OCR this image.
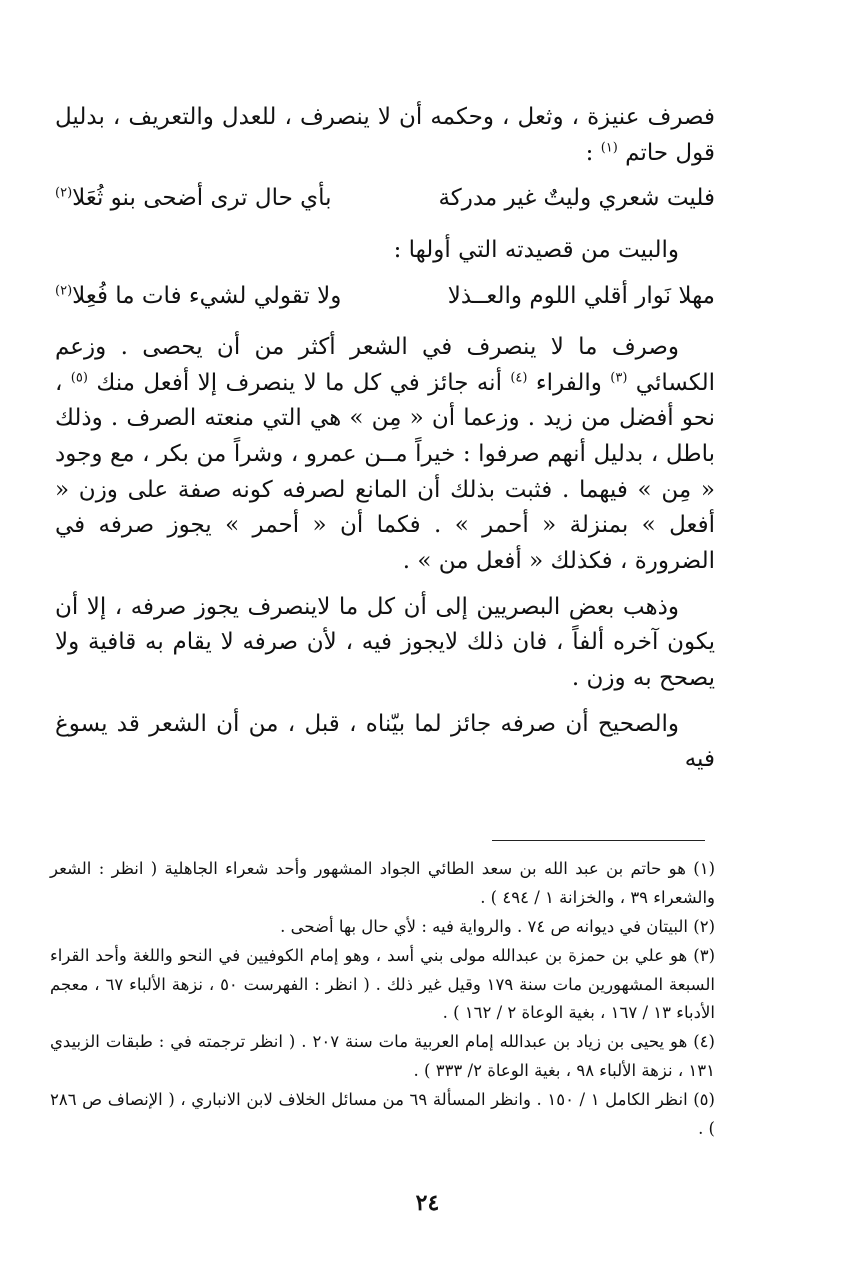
فصرف عنيزة ، وثعل ، وحكمه أن لا ينصرف ، للعدل والتعريف ، بدليل قول حاتم $^{(١)}$ :

فليت شعري وليتٌ غير مدركة
بأي حال ترى أضحى بنو ثُعَلا$^{(٢)}$

والبيت من قصيدته التي أولها :

مهلا نَوار أقلي اللوم والعــذلا
ولا تقولي لشيء فات ما فُعِلا$^{(٢)}$

وصرف ما لا ينصرف في الشعر أكثر من أن يحصى . وزعم الكسائي $^{(٣)}$ والفراء $^{(٤)}$ أنه جائز في كل ما لا ينصرف إلا أفعل منك $^{(٥)}$ ، نحو أفضل من زيد . وزعما أن « مِن » هي التي منعته الصرف . وذلك باطل ، بدليل أنهم صرفوا : خيراً مــن عمرو ، وشراً من بكر ، مع وجود « مِن » فيهما . فثبت بذلك أن المانع لصرفه كونه صفة على وزن « أفعل » بمنزلة « أحمر » . فكما أن « أحمر » يجوز صرفه في الضرورة ، فكذلك « أفعل من » .

وذهب بعض البصريين إلى أن كل ما لاينصرف يجوز صرفه ، إلا أن يكون آخره ألفاً ، فان ذلك لايجوز فيه ، لأن صرفه لا يقام به قافية ولا يصحح به وزن .

والصحيح أن صرفه جائز لما بيّناه ، قبل ، من أن الشعر قد يسوغ فيه

(١) هو حاتم بن عبد الله بن سعد الطائي الجواد المشهور وأحد شعراء الجاهلية ( انظر : الشعر والشعراء ٣٩ ، والخزانة ١ / ٤٩٤ ) .

(٢) البيتان في ديوانه ص ٧٤ . والرواية فيه : لأي حال بها أضحى .

(٣) هو علي بن حمزة بن عبدالله مولى بني أسد ، وهو إمام الكوفيين في النحو واللغة وأحد القراء السبعة المشهورين مات سنة ١٧٩ وقيل غير ذلك . ( انظر : الفهرست ٥٠ ، نزهة الألباء ٦٧ ، معجم الأدباء ١٣ / ١٦٧ ، بغية الوعاة ٢ / ١٦٢ ) .

(٤) هو يحيى بن زياد بن عبدالله إمام العربية مات سنة ٢٠٧ . ( انظر ترجمته في : طبقات الزبيدي ١٣١ ، نزهة الألباء ٩٨ ، بغية الوعاة ٢/ ٣٣٣ ) .

(٥) انظر الكامل ١ / ١٥٠ . وانظر المسألة ٦٩ من مسائل الخلاف لابن الانباري ، ( الإنصاف ص ٢٨٦ ) .

٢٤
